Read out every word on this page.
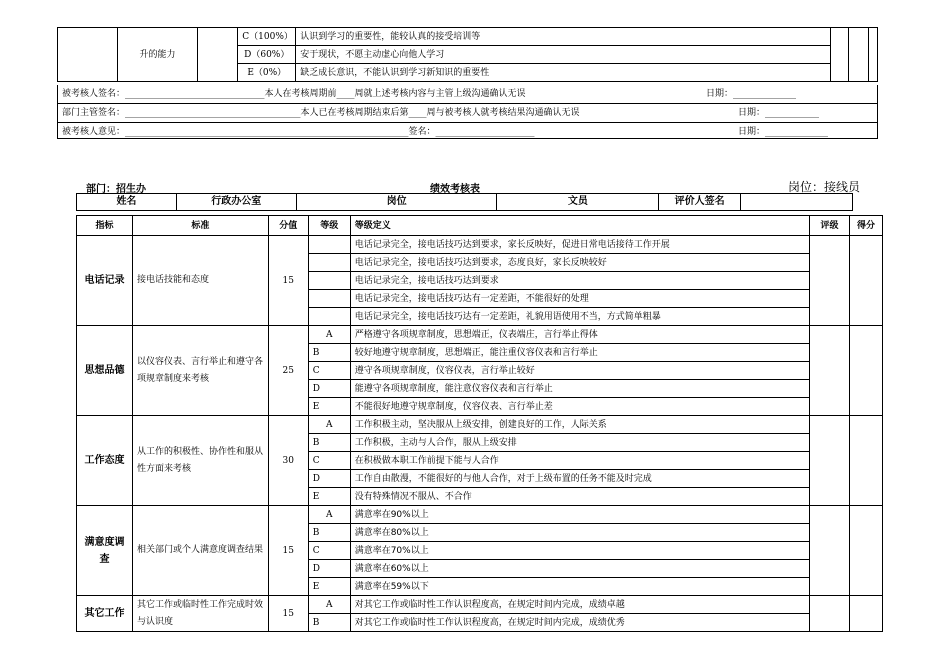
	升的能力		C（100%）	认识到学习的重要性，能较认真的接受培训等			
			D（60%）	安于现状，不愿主动虚心向他人学习			
			E（0%）	缺乏成长意识，不能认识到学习新知识的重要性			
被考核人签名：_______________________________本人在考核周期前____周就上述考核内容与主管上级沟通确认无误	日期：______________
部门主管签名：_______________________________________本人已在考核周期结束后第____周与被考核人就考核结果沟通确认无误	日期：____________
被考核人意见：_______________________________________________________________签名：______________________	日期：______________
部门：招生办	绩效考核表	岗位：接线员
姓名	行政办公室	岗位	文员	评价人签名	
指标	标准	分值	等级	等级定义	评级	得分
电话记录	接电话技能和态度	15		电话记录完全，接电话技巧达到要求，家长反映好，促进日常电话接待工作开展		
				电话记录完全，接电话技巧达到要求，态度良好，家长反映较好		
				电话记录完全，接电话技巧达到要求		
				电话记录完全，接电话技巧达有一定差距，不能很好的处理		
				电话记录完全，接电话技巧达有一定差距，礼貌用语使用不当，方式简单粗暴		
思想品德	以仪容仪表、言行举止和遵守各项规章制度来考核	25	A	严格遵守各项规章制度，思想端正，仪表端庄，言行举止得体		
			B	较好地遵守规章制度，思想端正，能注重仪容仪表和言行举止		
			C	遵守各项规章制度，仪容仪表，言行举止较好		
			D	能遵守各项规章制度，能注意仪容仪表和言行举止		
			E	不能很好地遵守规章制度，仪容仪表、言行举止差		
工作态度	从工作的积极性、协作性和服从性方面来考核	30	A	工作积极主动，坚决服从上级安排，创建良好的工作，人际关系		
			B	工作积极，主动与人合作，服从上级安排		
			C	在积极做本职工作前提下能与人合作		
			D	工作自由散漫，不能很好的与他人合作，对于上级布置的任务不能及时完成		
			E	没有特殊情况不服从、不合作		
满意度调查	相关部门或个人满意度调查结果	15	A	满意率在90%以上		
			B	满意率在80%以上		
			C	满意率在70%以上		
			D	满意率在60%以上		
			E	满意率在59%以下		
其它工作	其它工作或临时性工作完成时效与认识度	15	A	对其它工作或临时性工作认识程度高，在规定时间内完成，成绩卓越		
			B	对其它工作或临时性工作认识程度高，在规定时间内完成，成绩优秀		
